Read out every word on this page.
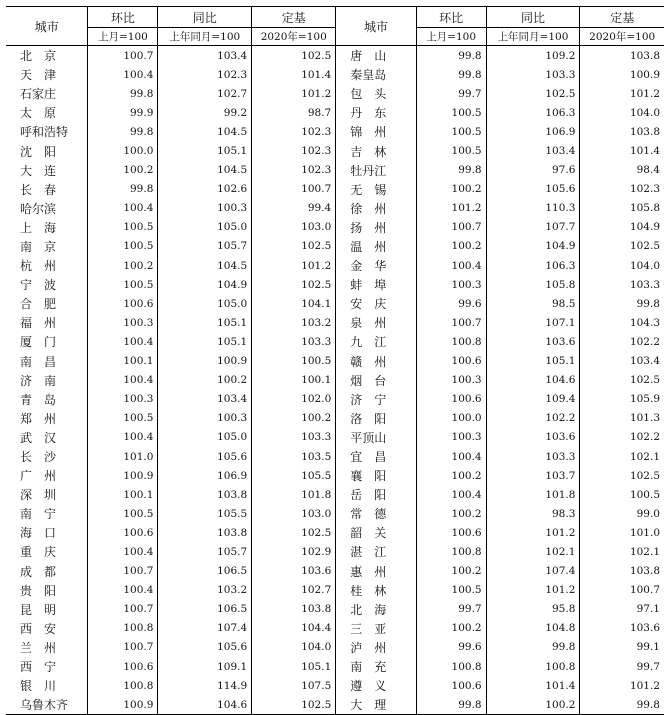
城市	环比	同比	定基	城市	环比	同比	定基
	上月=100	上年同月=100	2020年=100		上月=100	上年同月=100	2020年=100
北　京	100.7	103.4	102.5	唐　山	99.8	109.2	103.8
天　津	100.4	102.3	101.4	秦皇岛	99.8	103.3	100.9
石家庄	99.8	102.7	101.2	包　头	99.7	102.5	101.2
太　原	99.9	99.2	98.7	丹　东	100.5	106.3	104.0
呼和浩特	99.8	104.5	102.3	锦　州	100.5	106.9	103.8
沈　阳	100.0	105.1	102.3	吉　林	100.5	103.4	101.4
大　连	100.2	104.5	102.3	牡丹江	99.8	97.6	98.4
长　春	99.8	102.6	100.7	无　锡	100.2	105.6	102.3
哈尔滨	100.4	100.3	99.4	徐　州	101.2	110.3	105.8
上　海	100.5	105.0	103.0	扬　州	100.7	107.7	104.9
南　京	100.5	105.7	102.5	温　州	100.2	104.9	102.5
杭　州	100.2	104.5	101.2	金　华	100.4	106.3	104.0
宁　波	100.5	104.9	102.5	蚌　埠	100.3	105.8	103.3
合　肥	100.6	105.0	104.1	安　庆	99.6	98.5	99.8
福　州	100.3	105.1	103.2	泉　州	100.7	107.1	104.3
厦　门	100.4	105.1	103.3	九　江	100.8	103.6	102.2
南　昌	100.1	100.9	100.5	赣　州	100.6	105.1	103.4
济　南	100.4	100.2	100.1	烟　台	100.3	104.6	102.5
青　岛	100.3	103.4	102.0	济　宁	100.6	109.4	105.9
郑　州	100.5	100.3	100.2	洛　阳	100.0	102.2	101.3
武　汉	100.4	105.0	103.3	平顶山	100.3	103.6	102.2
长　沙	101.0	105.6	103.5	宜　昌	100.4	103.3	102.1
广　州	100.9	106.9	105.5	襄　阳	100.2	103.7	102.5
深　圳	100.1	103.8	101.8	岳　阳	100.4	101.8	100.5
南　宁	100.5	105.5	103.0	常　德	100.2	98.3	99.0
海　口	100.6	103.8	102.5	韶　关	100.6	101.2	101.0
重　庆	100.4	105.7	102.9	湛　江	100.8	102.1	102.1
成　都	100.7	106.5	103.6	惠　州	100.2	107.4	103.8
贵　阳	100.4	103.2	102.7	桂　林	100.5	101.2	100.7
昆　明	100.7	106.5	103.8	北　海	99.7	95.8	97.1
西　安	100.8	107.4	104.4	三　亚	100.2	104.8	103.6
兰　州	100.7	105.6	104.0	泸　州	99.6	99.8	99.1
西　宁	100.6	109.1	105.1	南　充	100.8	100.8	99.7
银　川	100.8	114.9	107.5	遵　义	100.6	101.4	101.2
乌鲁木齐	100.9	104.6	102.5	大　理	99.8	100.2	99.8
